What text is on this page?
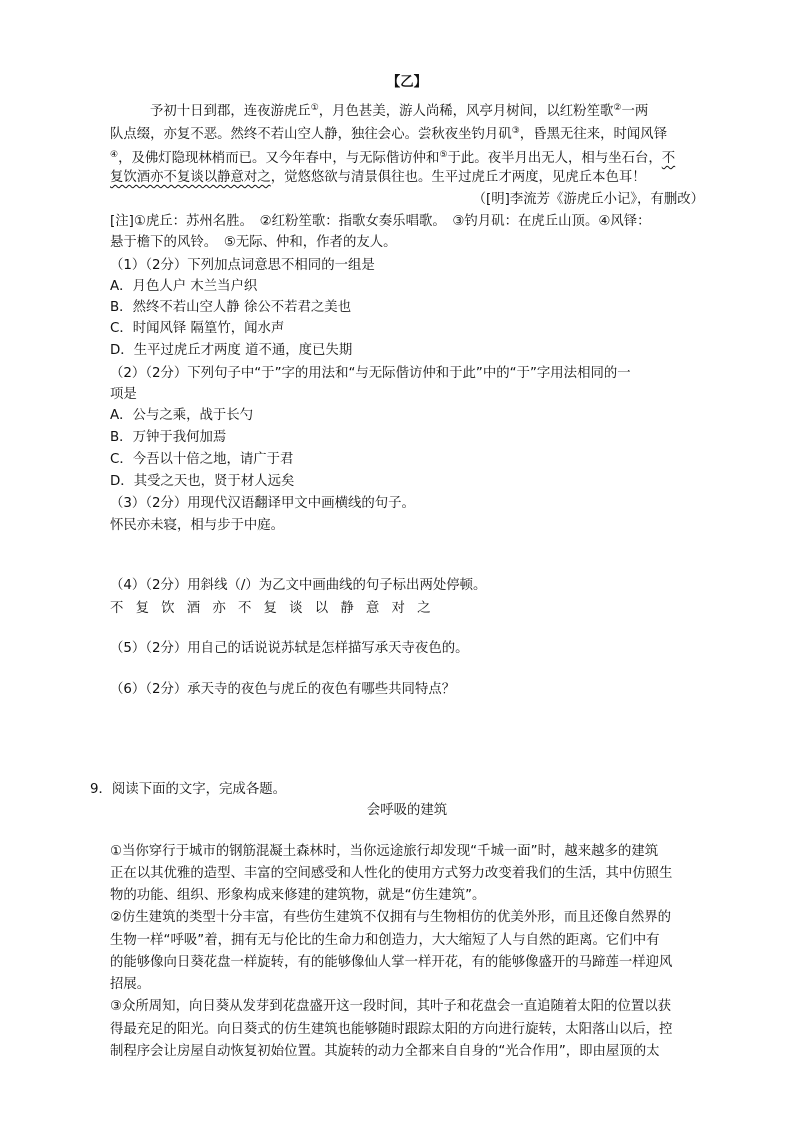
【乙】
予初十日到郡，连夜游虎丘①，月色甚美，游人尚稀，风亭月树间，以红粉笙歌②一两
队点缀，亦复不恶。然终不若山空人静，独往会心。尝秋夜坐钓月矶③，昏黑无往来，时闻风铎
④，及佛灯隐现林梢而已。又今年春中，与无际偕访仲和⑤于此。夜半月出无人，相与坐石台，不
复饮酒亦不复谈以静意对之，觉悠悠欲与清景俱往也。生平过虎丘才两度，见虎丘本色耳！
（[明]李流芳《游虎丘小记》，有删改）
[注]①虎丘：苏州名胜。　②红粉笙歌：指歌女奏乐唱歌。　③钓月矶：在虎丘山顶。④风铎：
悬于檐下的风铃。　⑤无际、仲和，作者的友人。
（1）（2分）下列加点词意思不相同的一组是
A．月色人户 木兰当户织
B．然终不若山空人静 徐公不若君之美也
C．时闻风铎 隔篁竹，闻水声
D．生平过虎丘才两度 道不通，度已失期
（2）（2分）下列句子中“于”字的用法和“与无际偕访仲和于此”中的“于”字用法相同的一
项是
A．公与之乘，战于长勺
B．万钟于我何加焉
C．今吾以十倍之地，请广于君
D．其受之天也，贤于材人远矣
（3）（2分）用现代汉语翻译甲文中画横线的句子。
怀民亦未寝，相与步于中庭。
（4）（2分）用斜线（/）为乙文中画曲线的句子标出两处停顿。
不复饮酒亦不复谈以静意对之
（5）（2分）用自己的话说说苏轼是怎样描写承天寺夜色的。
（6）（2分）承天寺的夜色与虎丘的夜色有哪些共同特点？
9．阅读下面的文字，完成各题。
会呼吸的建筑
①当你穿行于城市的钢筋混凝土森林时，当你远途旅行却发现“千城一面”时，越来越多的建筑
正在以其优雅的造型、丰富的空间感受和人性化的使用方式努力改变着我们的生活，其中仿照生
物的功能、组织、形象构成来修建的建筑物，就是“仿生建筑”。
②仿生建筑的类型十分丰富，有些仿生建筑不仅拥有与生物相仿的优美外形，而且还像自然界的
生物一样“呼吸”着，拥有无与伦比的生命力和创造力，大大缩短了人与自然的距离。它们中有
的能够像向日葵花盘一样旋转，有的能够像仙人掌一样开花，有的能够像盛开的马蹄莲一样迎风
招展。
③众所周知，向日葵从发芽到花盘盛开这一段时间，其叶子和花盘会一直追随着太阳的位置以获
得最充足的阳光。向日葵式的仿生建筑也能够随时跟踪太阳的方向进行旋转，太阳落山以后，控
制程序会让房屋自动恢复初始位置。其旋转的动力全都来自自身的“光合作用”，即由屋顶的太
